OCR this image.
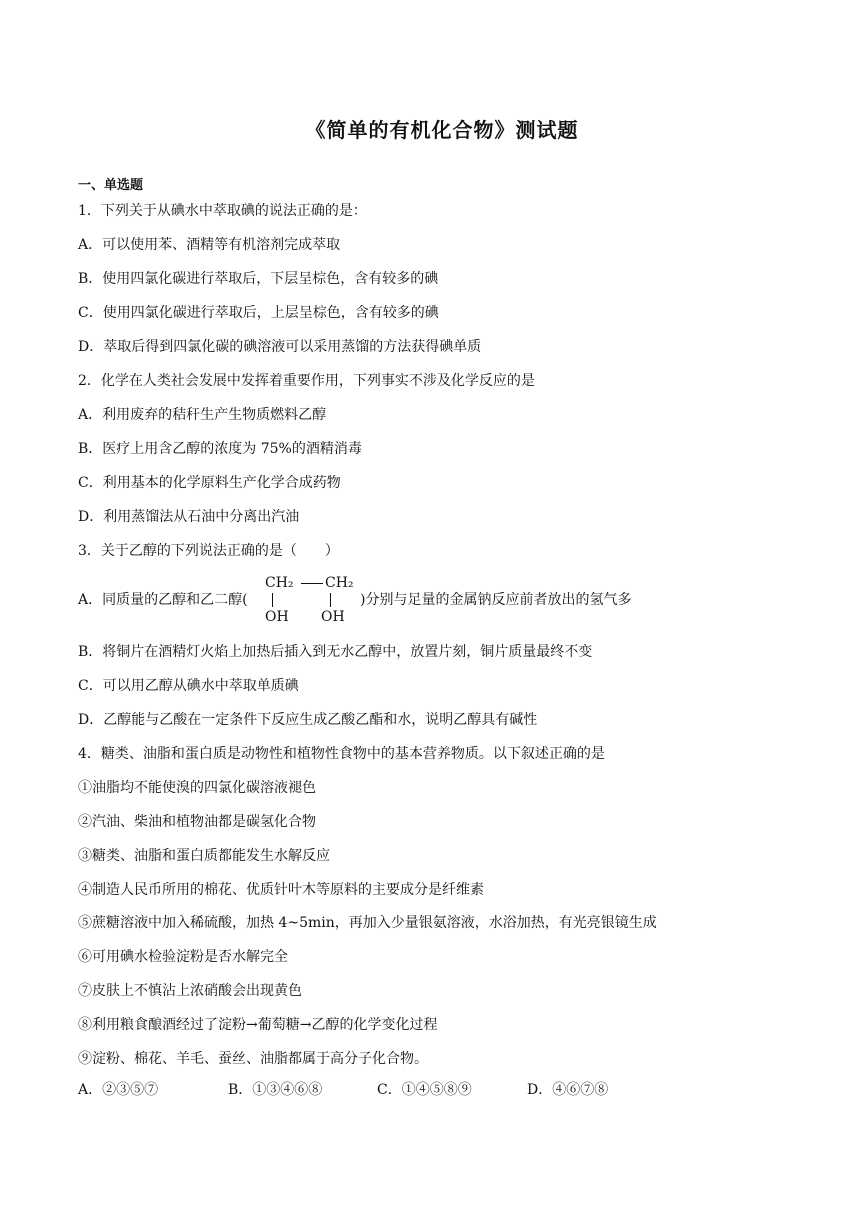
《简单的有机化合物》测试题
一、单选题
1．下列关于从碘水中萃取碘的说法正确的是：
A．可以使用苯、酒精等有机溶剂完成萃取
B．使用四氯化碳进行萃取后，下层呈棕色，含有较多的碘
C．使用四氯化碳进行萃取后，上层呈棕色，含有较多的碘
D．萃取后得到四氯化碳的碘溶液可以采用蒸馏的方法获得碘单质
2．化学在人类社会发展中发挥着重要作用，下列事实不涉及化学反应的是
A．利用废弃的秸秆生产生物质燃料乙醇
B．医疗上用含乙醇的浓度为 75%的酒精消毒
C．利用基本的化学原料生产化学合成药物
D．利用蒸馏法从石油中分离出汽油
3．关于乙醇的下列说法正确的是（　　）
A．同质量的乙醇和乙二醇(
CH₂ CH₂
OH OH
)分别与足量的金属钠反应前者放出的氢气多
B．将铜片在酒精灯火焰上加热后插入到无水乙醇中，放置片刻，铜片质量最终不变
C．可以用乙醇从碘水中萃取单质碘
D．乙醇能与乙酸在一定条件下反应生成乙酸乙酯和水，说明乙醇具有碱性
4．糖类、油脂和蛋白质是动物性和植物性食物中的基本营养物质。以下叙述正确的是
①油脂均不能使溴的四氯化碳溶液褪色
②汽油、柴油和植物油都是碳氢化合物
③糖类、油脂和蛋白质都能发生水解反应
④制造人民币所用的棉花、优质针叶木等原料的主要成分是纤维素
⑤蔗糖溶液中加入稀硫酸，加热 4~5min，再加入少量银氨溶液，水浴加热，有光亮银镜生成
⑥可用碘水检验淀粉是否水解完全
⑦皮肤上不慎沾上浓硝酸会出现黄色
⑧利用粮食酿酒经过了淀粉→葡萄糖→乙醇的化学变化过程
⑨淀粉、棉花、羊毛、蚕丝、油脂都属于高分子化合物。
A．②③⑤⑦	B．①③④⑥⑧	C．①④⑤⑧⑨	D．④⑥⑦⑧
